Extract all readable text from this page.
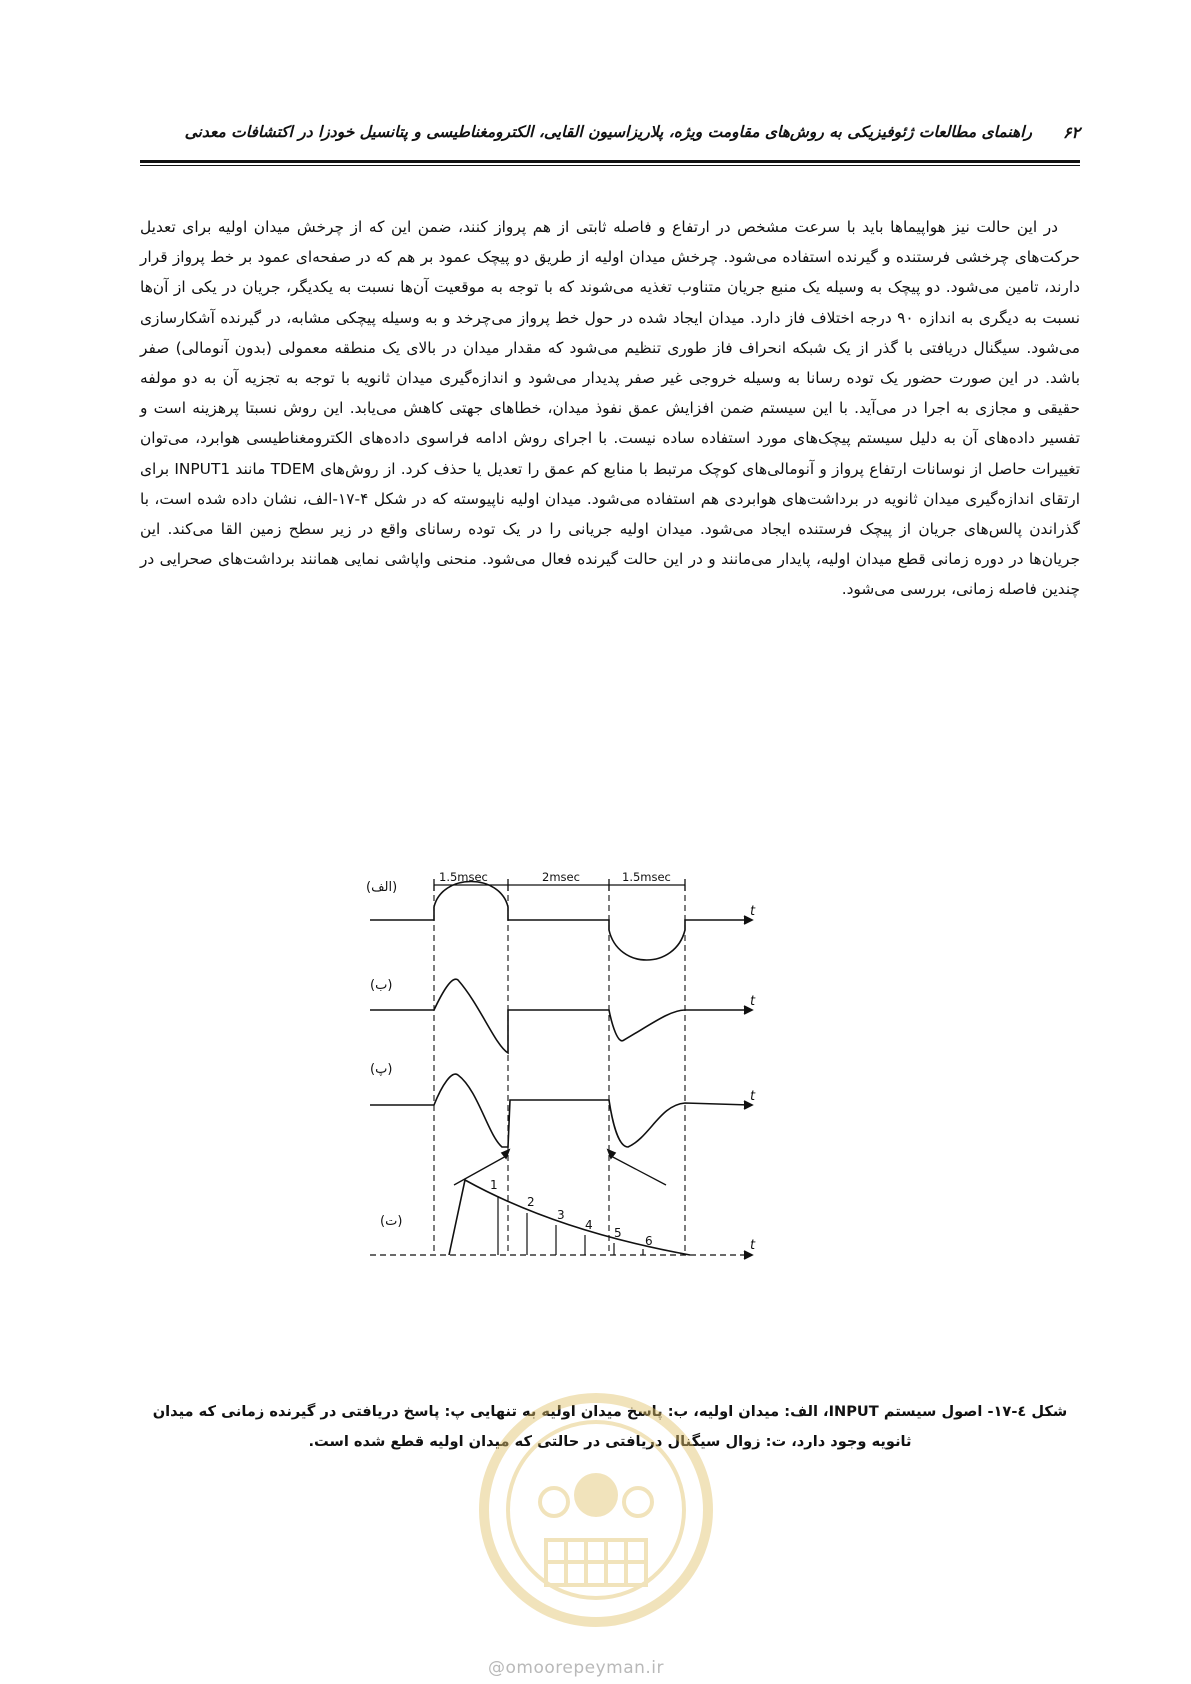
۶۲
راهنمای مطالعات ژئوفیزیکی به روش‌های مقاومت ویژه، پلاریزاسیون القایی، الکترومغناطیسی و پتانسیل خودزا در اکتشافات معدنی

در این حالت نیز هواپیماها باید با سرعت مشخص در ارتفاع و فاصله ثابتی از هم پرواز کنند، ضمن این که از چرخش میدان اولیه برای تعدیل حرکت‌های چرخشی فرستنده و گیرنده استفاده می‌شود. چرخش میدان اولیه از طریق دو پیچک عمود بر هم که در صفحه‌ای عمود بر خط پرواز قرار دارند، تامین می‌شود. دو پیچک به وسیله یک منبع جریان متناوب تغذیه می‌شوند که با توجه به موقعیت آن‌ها نسبت به یکدیگر، جریان در یکی از آن‌ها نسبت به دیگری به اندازه ۹۰ درجه اختلاف فاز دارد. میدان ایجاد شده در حول خط پرواز می‌چرخد و به وسیله پیچکی مشابه، در گیرنده آشکارسازی می‌شود. سیگنال دریافتی با گذر از یک شبکه انحراف فاز طوری تنظیم می‌شود که مقدار میدان در بالای یک منطقه معمولی (بدون آنومالی) صفر باشد. در این صورت حضور یک توده رسانا به وسیله خروجی غیر صفر پدیدار می‌شود و اندازه‌گیری میدان ثانویه با توجه به تجزیه آن به دو مولفه حقیقی و مجازی به اجرا در می‌آید. با این سیستم ضمن افزایش عمق نفوذ میدان، خطاهای جهتی کاهش می‌یابد. این روش نسبتا پرهزینه است و تفسیر داده‌های آن به دلیل سیستم پیچک‌های مورد استفاده ساده نیست. با اجرای روش ادامه فراسوی داده‌های الکترومغناطیسی هوابرد، می‌توان تغییرات حاصل از نوسانات ارتفاع پرواز و آنومالی‌های کوچک مرتبط با منابع کم عمق را تعدیل یا حذف کرد. از روش‌های TDEM مانند INPUT1 برای ارتقای اندازه‌گیری میدان ثانویه در برداشت‌های هوابردی هم استفاده می‌شود. میدان اولیه ناپیوسته که در شکل ۴-۱۷-الف، نشان داده شده است، با گذراندن پالس‌های جریان از پیچک فرستنده ایجاد می‌شود. میدان اولیه جریانی را در یک توده رسانای واقع در زیر سطح زمین القا می‌کند. این جریان‌ها در دوره زمانی قطع میدان اولیه، پایدار می‌مانند و در این حالت گیرنده فعال می‌شود. منحنی واپاشی نمایی همانند برداشت‌های صحرایی در چندین فاصله زمانی، بررسی می‌شود.

1.5msec	2msec	1.5msec
(الف)
(ب)
(پ)
(ت)
t
t
t
t
1
2
3
4
5
6
شکل ٤-١٧- اصول سیستم INPUT، الف: میدان اولیه، ب: پاسخ میدان اولیه به تنهایی پ: پاسخ دریافتی در گیرنده زمانی که میدان ثانویه وجود دارد، ت: زوال سیگنال دریافتی در حالتی که میدان اولیه قطع شده است.
@omoorepeyman.ir
